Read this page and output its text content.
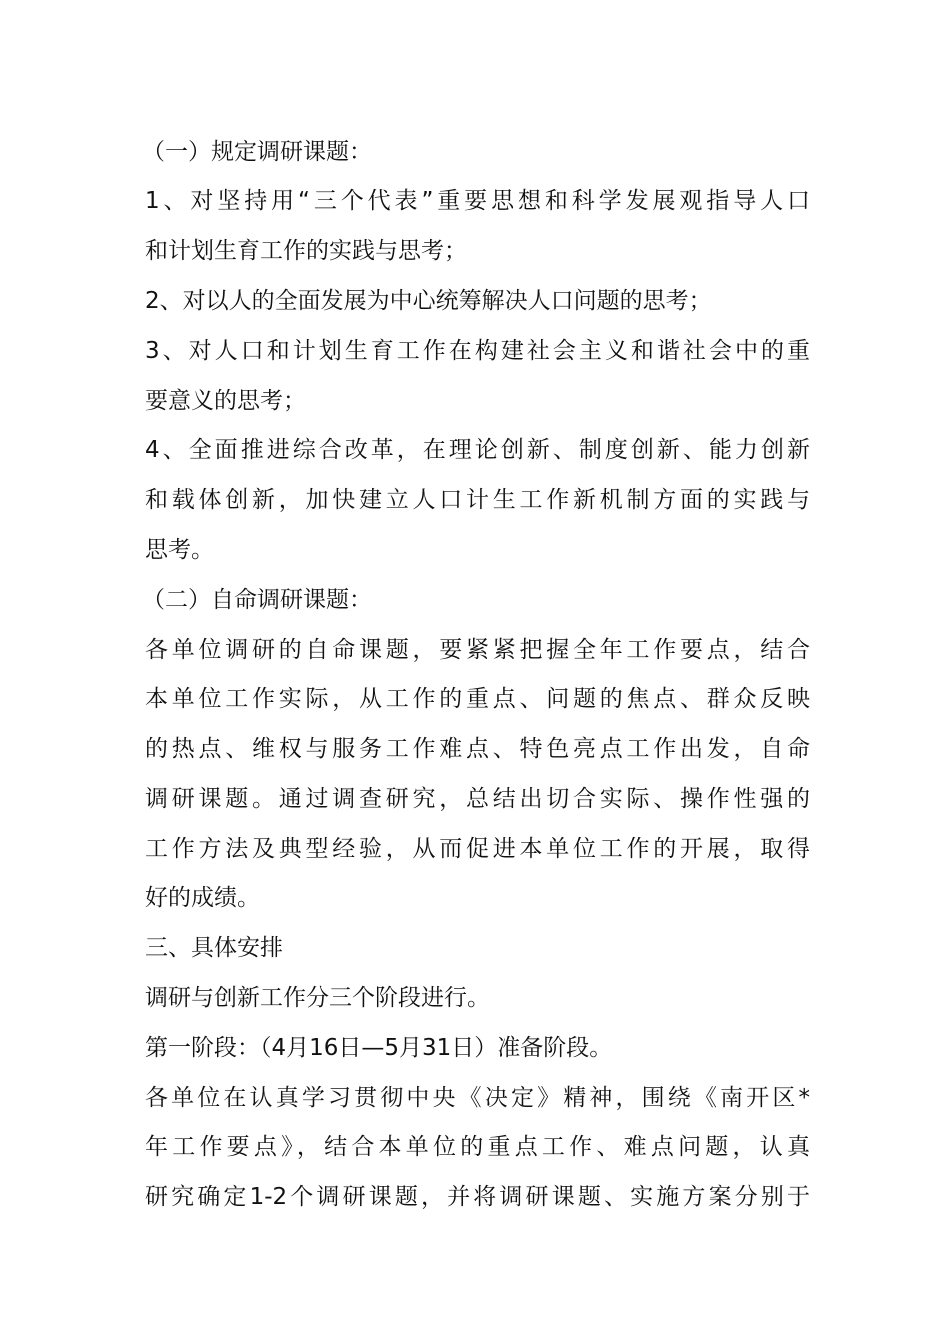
（一）规定调研课题：
1、对坚持用“三个代表”重要思想和科学发展观指导人口
和计划生育工作的实践与思考；
2、对以人的全面发展为中心统筹解决人口问题的思考；
3、对人口和计划生育工作在构建社会主义和谐社会中的重
要意义的思考；
4、全面推进综合改革，在理论创新、制度创新、能力创新
和载体创新，加快建立人口计生工作新机制方面的实践与
思考。
（二）自命调研课题：
各单位调研的自命课题，要紧紧把握全年工作要点，结合
本单位工作实际，从工作的重点、问题的焦点、群众反映
的热点、维权与服务工作难点、特色亮点工作出发，自命
调研课题。通过调查研究，总结出切合实际、操作性强的
工作方法及典型经验，从而促进本单位工作的开展，取得
好的成绩。
三、具体安排
调研与创新工作分三个阶段进行。
第一阶段：（4月16日—5月31日）准备阶段。
各单位在认真学习贯彻中央《决定》精神，围绕《南开区*
年工作要点》，结合本单位的重点工作、难点问题，认真
研究确定1-2个调研课题，并将调研课题、实施方案分别于
